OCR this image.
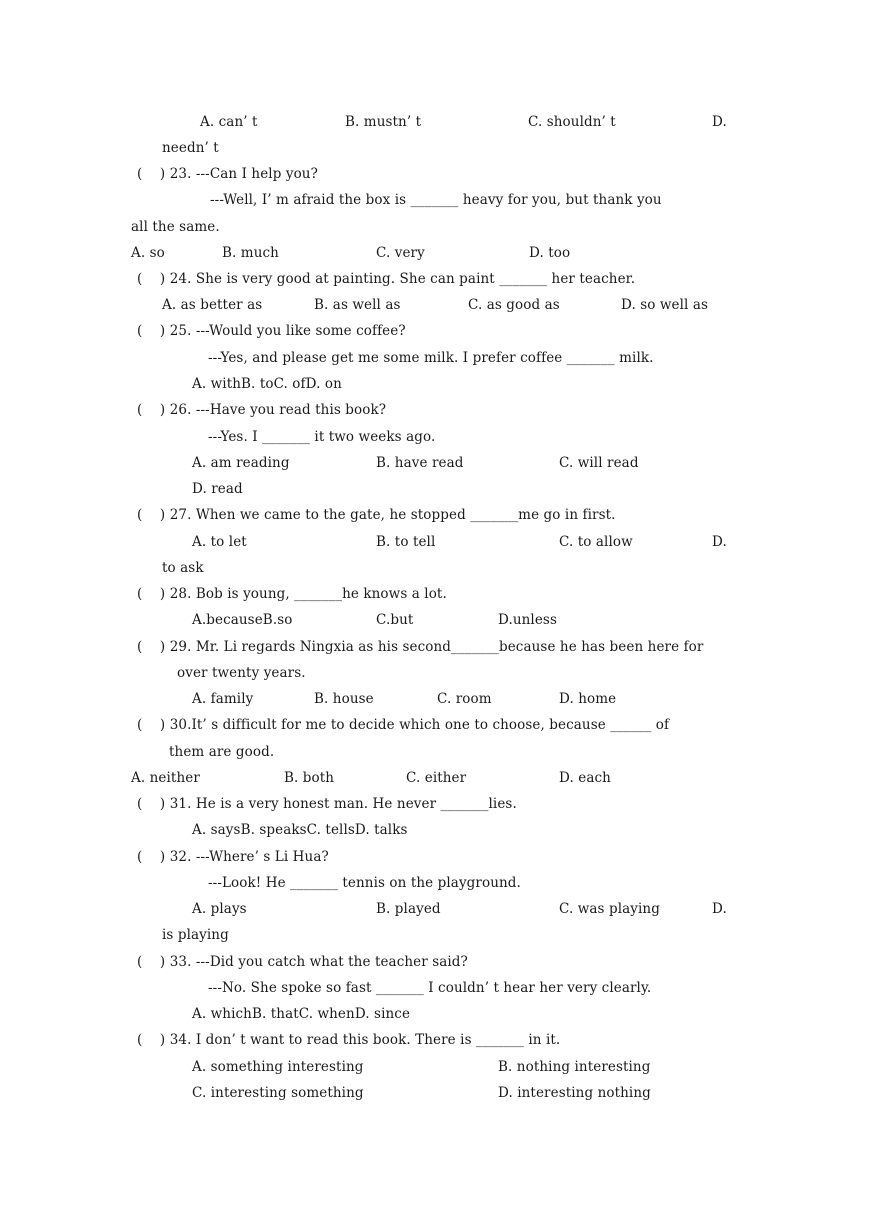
A. can’ t	B. mustn’ t	C. shouldn’ t	D.
needn’ t
(    ) 23. ---Can I help you?
---Well, I’ m afraid the box is _______ heavy for you, but thank you
all the same.
A. so	B. much	C. very	D. too
(    ) 24. She is very good at painting. She can paint _______ her teacher.
A. as better as	B. as well as	C. as good as	D. so well as
(    ) 25. ---Would you like some coffee?
---Yes, and please get me some milk. I prefer coffee _______ milk.
A. withB. toC. ofD. on
(    ) 26. ---Have you read this book?
---Yes. I _______ it two weeks ago.
A. am reading	B. have read	C. will read
D. read
(    ) 27. When we came to the gate, he stopped _______me go in first.
A. to let	B. to tell	C. to allow	D.
to ask
(    ) 28. Bob is young, _______he knows a lot.
A.becauseB.so	C.but	D.unless
(    ) 29. Mr. Li regards Ningxia as his second_______because he has been here for
over twenty years.
A. family	B. house	C. room	D. home
(    ) 30.It’ s difficult for me to decide which one to choose, because ______ of
them are good.
A. neither	B. both	C. either	D. each
(    ) 31. He is a very honest man. He never _______lies.
A. saysB. speaksC. tellsD. talks
(    ) 32. ---Where’ s Li Hua?
---Look! He _______ tennis on the playground.
A. plays	B. played	C. was playing	D.
is playing
(    ) 33. ---Did you catch what the teacher said?
---No. She spoke so fast _______ I couldn’ t hear her very clearly.
A. whichB. thatC. whenD. since
(    ) 34. I don’ t want to read this book. There is _______ in it.
A. something interesting	B. nothing interesting
C. interesting something	D. interesting nothing
